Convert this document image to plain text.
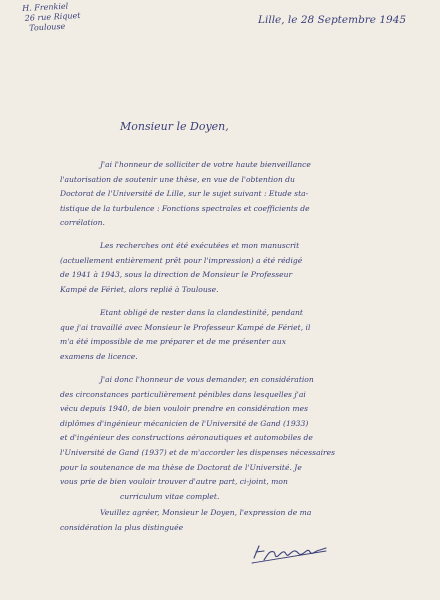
H. Frenkiel
26 rue Riquet
Toulouse
Lille, le 28 Septembre 1945
Monsieur le Doyen,
J'ai l'honneur de solliciter de votre haute bienveillance
l'autorisation de soutenir une thèse, en vue de l'obtention du
Doctorat de l'Université de Lille, sur le sujet suivant : Etude sta-
tistique de la turbulence : Fonctions spectrales et coefficients de
corrélation.
Les recherches ont été exécutées et mon manuscrit
(actuellement entièrement prêt pour l'impression) a été rédigé
de 1941 à 1943, sous la direction de Monsieur le Professeur
Kampé de Fériet, alors replié à Toulouse.
Etant obligé de rester dans la clandestinité, pendant
que j'ai travaillé avec Monsieur le Professeur Kampé de Fériet, il
m'a été impossible de me préparer et de me présenter aux
examens de licence.
J'ai donc l'honneur de vous demander, en considération
des circonstances particulièrement pénibles dans lesquelles j'ai
vécu depuis 1940, de bien vouloir prendre en considération mes
diplômes d'ingénieur mécanicien de l'Université de Gand (1933)
et d'ingénieur des constructions aéronautiques et automobiles de
l'Université de Gand (1937) et de m'accorder les dispenses nécessaires
pour la soutenance de ma thèse de Doctorat de l'Université. Je
vous prie de bien vouloir trouver d'autre part, ci-joint, mon
curriculum vitae complet.
Veuillez agréer, Monsieur le Doyen, l'expression de ma
considération la plus distinguée
